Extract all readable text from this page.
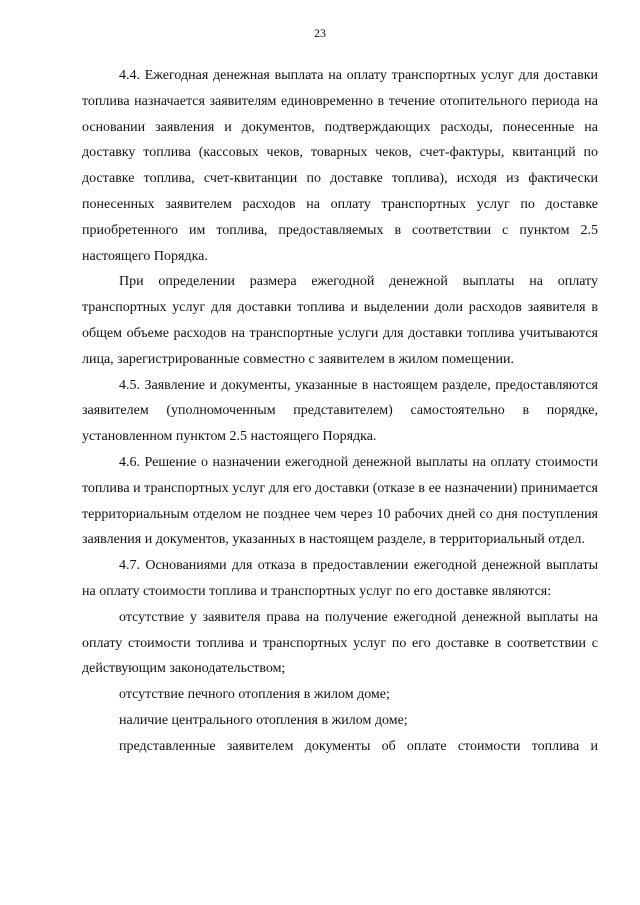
23

4.4. Ежегодная денежная выплата на оплату транспортных услуг для доставки топлива назначается заявителям единовременно в течение отопительного периода на основании заявления и документов, подтверждающих расходы, понесенные на доставку топлива (кассовых чеков, товарных чеков, счет-фактуры, квитанций по доставке топлива, счет-квитанции по доставке топлива), исходя из фактически понесенных заявителем расходов на оплату транспортных услуг по доставке приобретенного им топлива, предоставляемых в соответствии с пунктом 2.5 настоящего Порядка.

При определении размера ежегодной денежной выплаты на оплату транспортных услуг для доставки топлива и выделении доли расходов заявителя в общем объеме расходов на транспортные услуги для доставки топлива учитываются лица, зарегистрированные совместно с заявителем в жилом помещении.

4.5. Заявление и документы, указанные в настоящем разделе, предоставляются заявителем (уполномоченным представителем) самостоятельно в порядке, установленном пунктом 2.5 настоящего Порядка.

4.6. Решение о назначении ежегодной денежной выплаты на оплату стоимости топлива и транспортных услуг для его доставки (отказе в ее назначении) принимается территориальным отделом не позднее чем через 10 рабочих дней со дня поступления заявления и документов, указанных в настоящем разделе, в территориальный отдел.

4.7. Основаниями для отказа в предоставлении ежегодной денежной выплаты на оплату стоимости топлива и транспортных услуг по его доставке являются:

отсутствие у заявителя права на получение ежегодной денежной выплаты на оплату стоимости топлива и транспортных услуг по его доставке в соответствии с действующим законодательством;

отсутствие печного отопления в жилом доме;

наличие центрального отопления в жилом доме;

представленные заявителем документы об оплате стоимости топлива и
